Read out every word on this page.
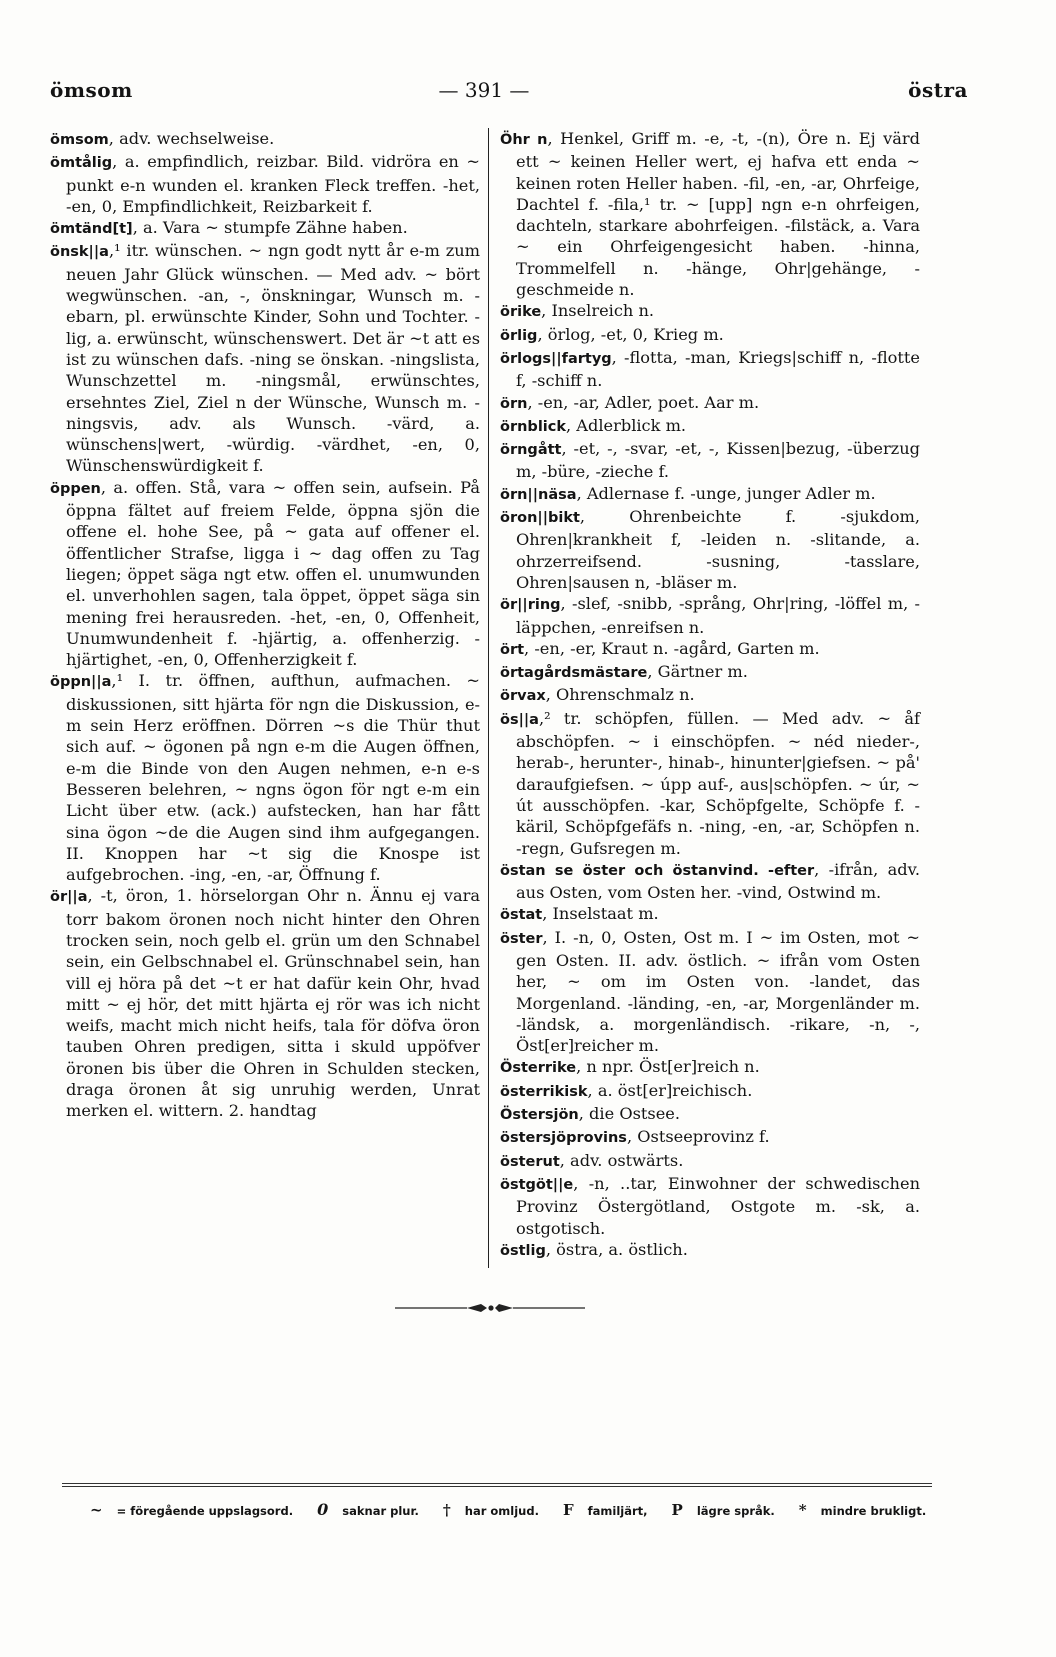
ömsom	— 391 —	östra

ömsom, adv. wechselweise.

ömtålig, a. empfindlich, reizbar. Bild. vidröra en ~ punkt e-n wunden el. kranken Fleck treffen. -het, -en, 0, Empfindlichkeit, Reizbarkeit f.

ömtänd[t], a. Vara ~ stumpfe Zähne haben.

önsk||a,¹ itr. wünschen. ~ ngn godt nytt år e-m zum neuen Jahr Glück wünschen. — Med adv. ~ bört wegwünschen. -an, -, önskningar, Wunsch m. -ebarn, pl. erwünschte Kinder, Sohn und Tochter. -lig, a. erwünscht, wünschenswert. Det är ~t att es ist zu wünschen dafs. -ning se önskan. -ningslista, Wunschzettel m. -ningsmål, erwünschtes, ersehntes Ziel, Ziel n der Wünsche, Wunsch m. -ningsvis, adv. als Wunsch. -värd, a. wünschens|wert, -würdig. -värdhet, -en, 0, Wünschenswürdigkeit f.

öppen, a. offen. Stå, vara ~ offen sein, aufsein. På öppna fältet auf freiem Felde, öppna sjön die offene el. hohe See, på ~ gata auf offener el. öffentlicher Strafse, ligga i ~ dag offen zu Tag liegen; öppet säga ngt etw. offen el. unumwunden el. unverhohlen sagen, tala öppet, öppet säga sin mening frei herausreden. -het, -en, 0, Offenheit, Unumwundenheit f. -hjärtig, a. offenherzig. -hjärtighet, -en, 0, Offenherzigkeit f.

öppn||a,¹ I. tr. öffnen, aufthun, aufmachen. ~ diskussionen, sitt hjärta för ngn die Diskussion, e-m sein Herz eröffnen. Dörren ~s die Thür thut sich auf. ~ ögonen på ngn e-m die Augen öffnen, e-m die Binde von den Augen nehmen, e-n e-s Besseren belehren, ~ ngns ögon för ngt e-m ein Licht über etw. (ack.) aufstecken, han har fått sina ögon ~de die Augen sind ihm aufgegangen. II. Knoppen har ~t sig die Knospe ist aufgebrochen. -ing, -en, -ar, Öffnung f.

ör||a, -t, öron, 1. hörselorgan Ohr n. Ännu ej vara torr bakom öronen noch nicht hinter den Ohren trocken sein, noch gelb el. grün um den Schnabel sein, ein Gelbschnabel el. Grünschnabel sein, han vill ej höra på det ~t er hat dafür kein Ohr, hvad mitt ~ ej hör, det mitt hjärta ej rör was ich nicht weifs, macht mich nicht heifs, tala för döfva öron tauben Ohren predigen, sitta i skuld uppöfver öronen bis über die Ohren in Schulden stecken, draga öronen åt sig unruhig werden, Unrat merken el. wittern. 2. handtag

Öhr n, Henkel, Griff m. -e, -t, -(n), Öre n. Ej värd ett ~ keinen Heller wert, ej hafva ett enda ~ keinen roten Heller haben. -fil, -en, -ar, Ohrfeige, Dachtel f. -fila,¹ tr. ~ [upp] ngn e-n ohrfeigen, dachteln, starkare abohrfeigen. -filstäck, a. Vara ~ ein Ohrfeigengesicht haben. -hinna, Trommelfell n. -hänge, Ohr|gehänge, -geschmeide n.

örike, Inselreich n.

örlig, örlog, -et, 0, Krieg m.

örlogs||fartyg, -flotta, -man, Kriegs|schiff n, -flotte f, -schiff n.

örn, -en, -ar, Adler, poet. Aar m.

örnblick, Adlerblick m.

örngått, -et, -, -svar, -et, -, Kissen|bezug, -überzug m, -büre, -zieche f.

örn||näsa, Adlernase f. -unge, junger Adler m.

öron||bikt, Ohrenbeichte f. -sjukdom, Ohren|krankheit f, -leiden n. -slitande, a. ohrzerreifsend. -susning, -tasslare, Ohren|sausen n, -bläser m.

ör||ring, -slef, -snibb, -språng, Ohr|ring, -löffel m, -läppchen, -enreifsen n.

ört, -en, -er, Kraut n. -agård, Garten m.

örtagårdsmästare, Gärtner m.

örvax, Ohrenschmalz n.

ös||a,² tr. schöpfen, füllen. — Med adv. ~ åf abschöpfen. ~ i einschöpfen. ~ néd nieder-, herab-, herunter-, hinab-, hinunter|giefsen. ~ på' daraufgiefsen. ~ úpp auf-, aus|schöpfen. ~ úr, ~ út ausschöpfen. -kar, Schöpfgelte, Schöpfe f. -käril, Schöpfgefäfs n. -ning, -en, -ar, Schöpfen n. -regn, Gufsregen m.

östan se öster och östanvind. -efter, -ifrån, adv. aus Osten, vom Osten her. -vind, Ostwind m.

östat, Inselstaat m.

öster, I. -n, 0, Osten, Ost m. I ~ im Osten, mot ~ gen Osten. II. adv. östlich. ~ ifrån vom Osten her, ~ om im Osten von. -landet, das Morgenland. -länding, -en, -ar, Morgenländer m. -ländsk, a. morgenländisch. -rikare, -n, -, Öst[er]reicher m.

Österrike, n npr. Öst[er]reich n.

österrikisk, a. öst[er]reichisch.

Östersjön, die Ostsee.

östersjöprovins, Ostseeprovinz f.

österut, adv. ostwärts.

östgöt||e, -n, ..tar, Einwohner der schwedischen Provinz Östergötland, Ostgote m. -sk, a. ostgotisch.

östlig, östra, a. östlich.

~ = föregående uppslagsord. 0 saknar plur. † har omljud. F familjärt, P lägre språk. * mindre brukligt.
